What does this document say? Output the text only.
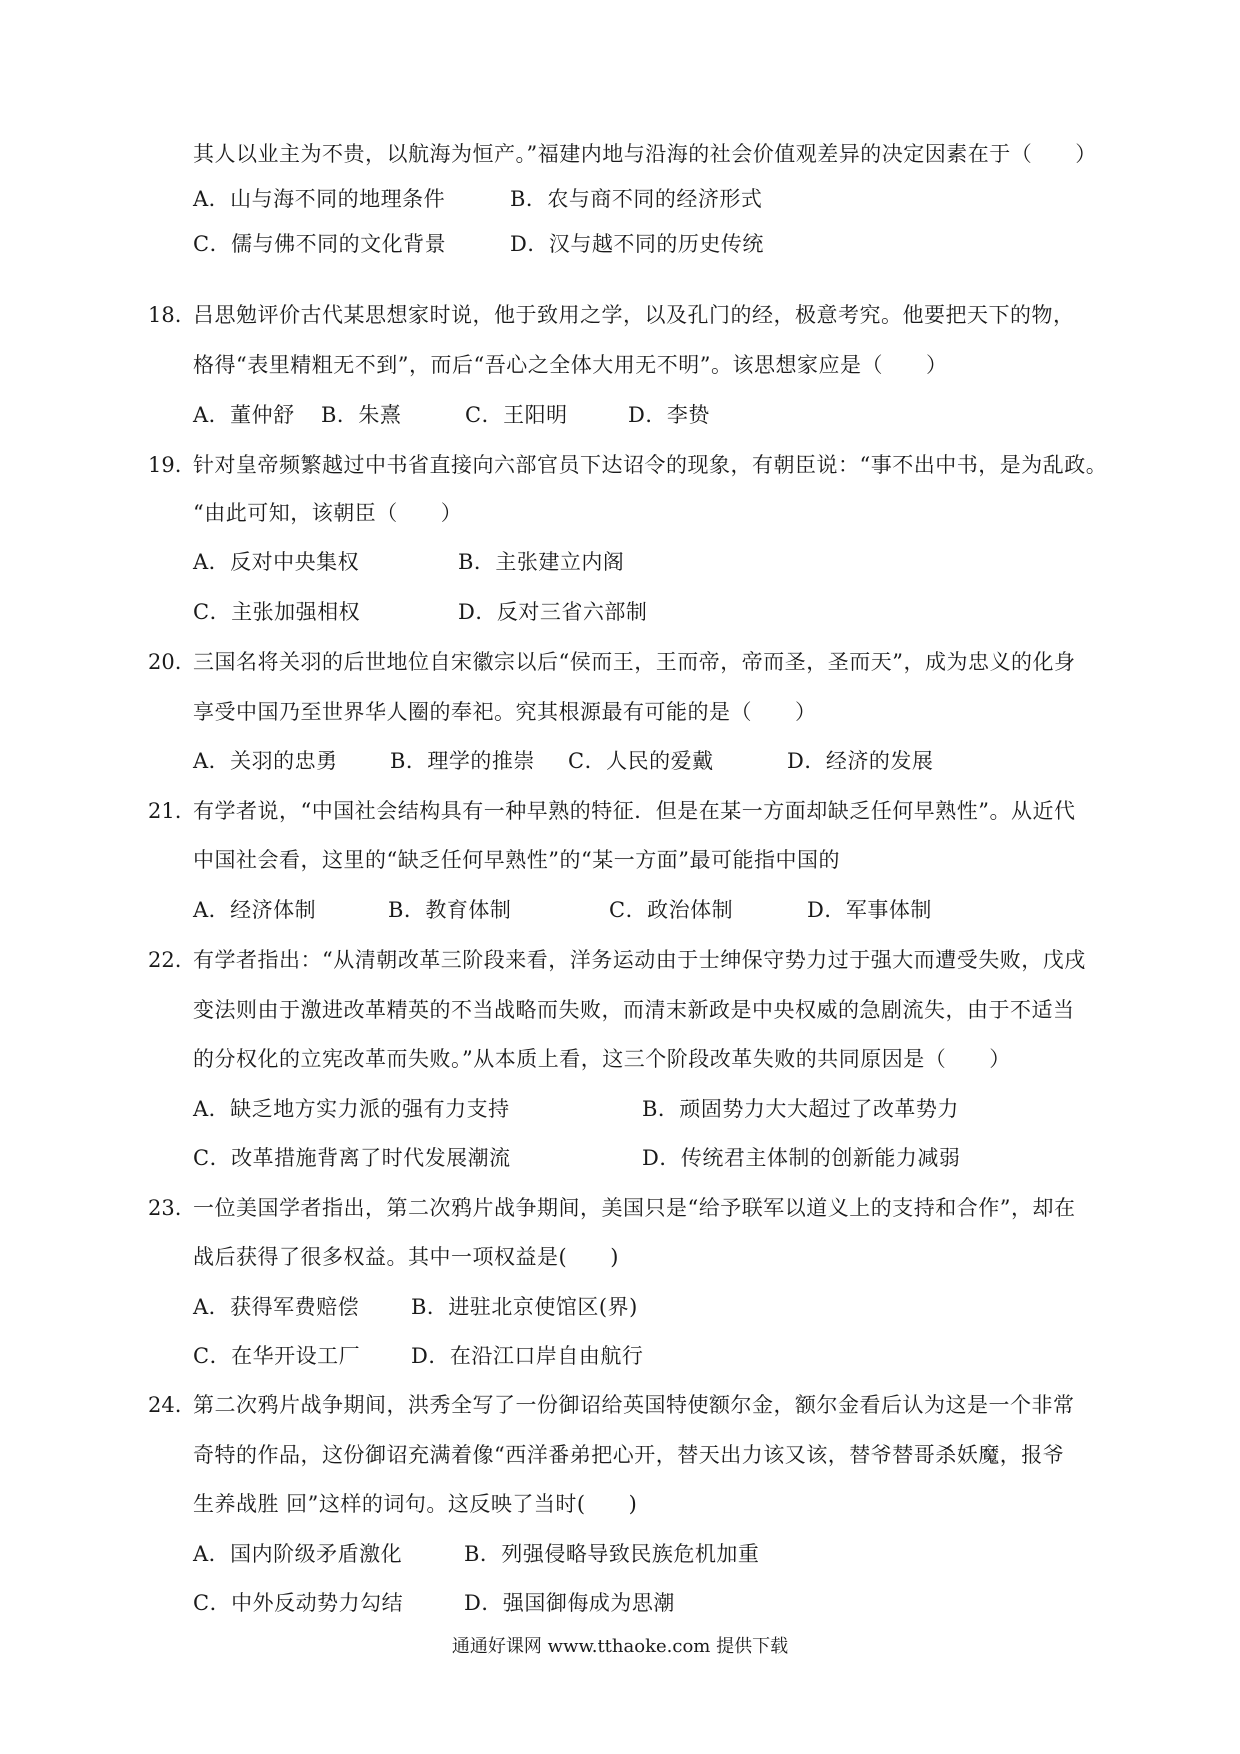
其人以业主为不贵，以航海为恒产。”福建内地与沿海的社会价值观差异的决定因素在于（　　）
A．山与海不同的地理条件	B．农与商不同的经济形式
C．儒与佛不同的文化背景	D．汉与越不同的历史传统
18. 吕思勉评价古代某思想家时说，他于致用之学，以及孔门的经，极意考究。他要把天下的物，
格得“表里精粗无不到”，而后“吾心之全体大用无不明”。该思想家应是（　　）
A．董仲舒 B．朱熹	C．王阳明	D．李贽
19. 针对皇帝频繁越过中书省直接向六部官员下达诏令的现象，有朝臣说：“事不出中书，是为乱政。
“由此可知，该朝臣（　　）
A．反对中央集权	B．主张建立内阁
C．主张加强相权	D．反对三省六部制
20. 三国名将关羽的后世地位自宋徽宗以后“侯而王，王而帝，帝而圣，圣而天”，成为忠义的化身
享受中国乃至世界华人圈的奉祀。究其根源最有可能的是（　　）
A．关羽的忠勇 B．理学的推崇 C．人民的爱戴	D．经济的发展
21. 有学者说，“中国社会结构具有一种早熟的特征．但是在某一方面却缺乏任何早熟性”。从近代
中国社会看，这里的“缺乏任何早熟性”的“某一方面”最可能指中国的
A．经济体制	B．教育体制	C．政治体制	D．军事体制
22. 有学者指出：“从清朝改革三阶段来看，洋务运动由于士绅保守势力过于强大而遭受失败，戊戌
变法则由于激进改革精英的不当战略而失败，而清末新政是中央权威的急剧流失，由于不适当
的分权化的立宪改革而失败。”从本质上看，这三个阶段改革失败的共同原因是（　　）
A．缺乏地方实力派的强有力支持	B．顽固势力大大超过了改革势力
C．改革措施背离了时代发展潮流	D．传统君主体制的创新能力减弱
23. 一位美国学者指出，第二次鸦片战争期间，美国只是“给予联军以道义上的支持和合作”，却在
战后获得了很多权益。其中一项权益是(　　)
A．获得军费赔偿 B．进驻北京使馆区(界)
C．在华开设工厂 D．在沿江口岸自由航行
24. 第二次鸦片战争期间，洪秀全写了一份御诏给英国特使额尔金，额尔金看后认为这是一个非常
奇特的作品，这份御诏充满着像“西洋番弟把心开，替天出力该又该，替爷替哥杀妖魔，报爷
生养战胜 回”这样的词句。这反映了当时(　　)
A．国内阶级矛盾激化	B．列强侵略导致民族危机加重
C．中外反动势力勾结	D．强国御侮成为思潮
通通好课网 www.tthaoke.com 提供下载
